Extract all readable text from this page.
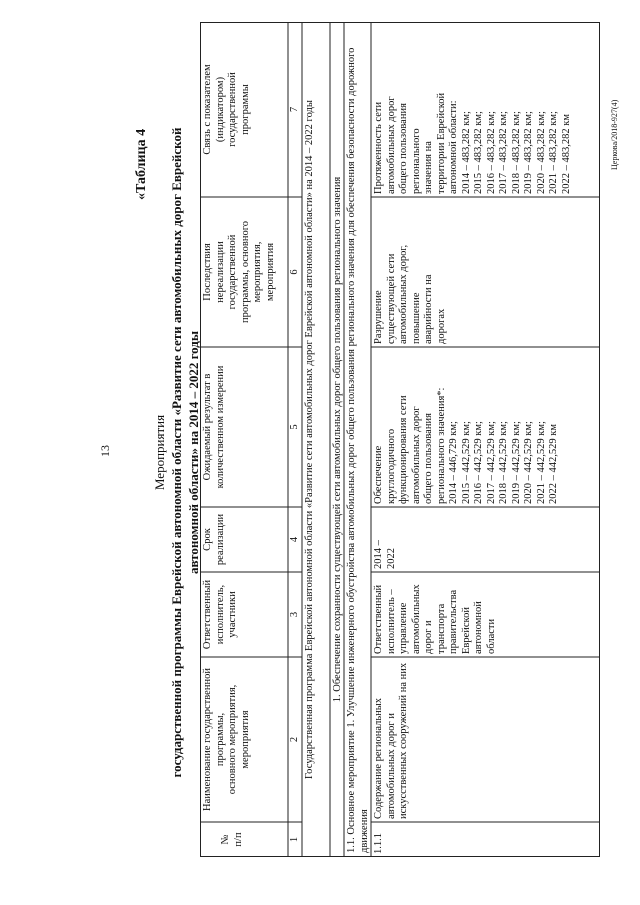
13
«Таблица 4
Мероприятия государственной программы Еврейской автономной области «Развитие сети автомобильных дорог Еврейской автономной области» на 2014 – 2022 годы
№
п/п
Наименование государственной
программы,
основного мероприятия,
мероприятия
Ответственный
исполнитель,
участники
Срок
реализации
Ожидаемый результат в
количественном измерении
Последствия
нереализации
государственной
программы, основного
мероприятия,
мероприятия
Связь с показателем
(индикатором)
государственной
программы
1
2
3
4
5
6
7 Государственная программа Еврейской автономной области «Развитие сети автомобильных дорог Еврейской автономной области» на 2014 – 2022 годы	1. Обеспечение сохранности существующей сети автомобильных дорог общего пользования регионального значения 1.1. Основное мероприятие 1. Улучшение инженерного обустройства автомобильных дорог общего пользования регионального значения для обеспечения безопасности дорожного движения 1.1.1
Содержание региональных
автомобильных дорог и
искусственных сооружений на них
Ответственный
исполнитель –
управление
автомобильных
дорог и
транспорта
правительства
Еврейской
автономной
области
2014 –
2022
Обеспечение
круглогодичного
функционирования сети
автомобильных дорог
общего пользования
регионального значения*:
2014 – 446,729 км;
2015 – 442,529 км;
2016 – 442,529 км;
2017 – 442,529 км;
2018 – 442,529 км;
2019 – 442,529 км;
2020 – 442,529 км;
2021 – 442,529 км;
2022 – 442,529 км
Разрушение
существующей сети
автомобильных дорог,
повышение
аварийности на
дорогах
Протяженность сети
автомобильных дорог
общего пользования
регионального
значения на
территории Еврейской
автономной области:
2014 – 483,282 км;
2015 – 483,282 км;
2016 – 483,282 км;
2017 – 483,282 км;
2018 – 483,282 км;
2019 – 483,282 км;
2020 – 483,282 км;
2021 – 483,282 км;
2022 – 483,282 км	Церкова/2018-927(4)
